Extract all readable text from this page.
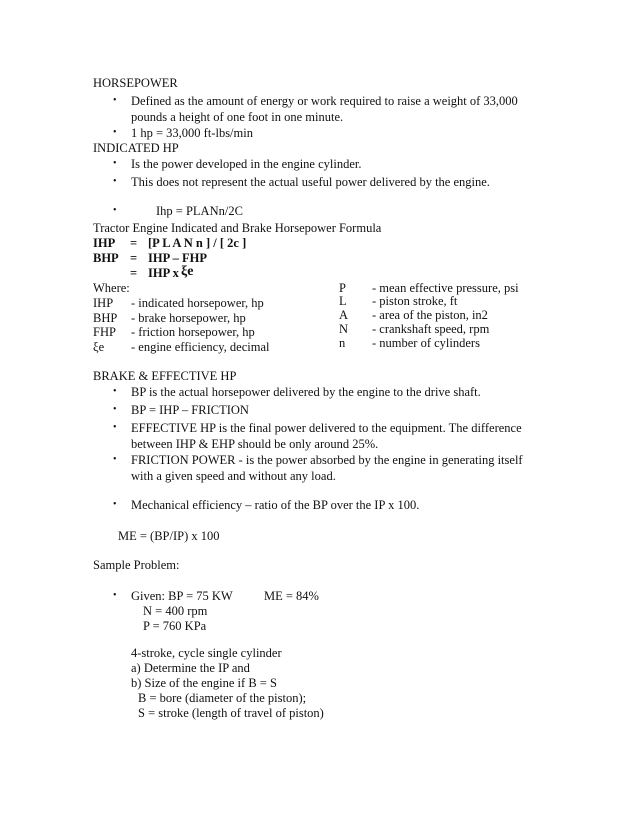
HORSEPOWER
• Defined as the amount of energy or work required to raise a weight of 33,000
pounds a height of one foot in one minute.
• 1 hp = 33,000 ft-lbs/min
INDICATED HP
• Is the power developed in the engine cylinder.
• This does not represent the actual useful power delivered by the engine.
•	Ihp = PLANn/2C
Tractor Engine Indicated and Brake Horsepower Formula
IHP = [P L A N n ] / [ 2c ]
BHP = IHP – FHP
= IHP x ξe
Where:
IHP - indicated horsepower, hp
BHP - brake horsepower, hp
FHP - friction horsepower, hp
ξe - engine efficiency, decimal
P - mean effective pressure, psi
L - piston stroke, ft
A - area of the piston, in2
N - crankshaft speed, rpm
n - number of cylinders
BRAKE & EFFECTIVE HP
• BP is the actual horsepower delivered by the engine to the drive shaft.
• BP = IHP – FRICTION
• EFFECTIVE HP is the final power delivered to the equipment. The difference
between IHP & EHP should be only around 25%.
• FRICTION POWER - is the power absorbed by the engine in generating itself
with a given speed and without any load.
• Mechanical efficiency – ratio of the BP over the IP x 100.
ME = (BP/IP) x 100
Sample Problem:
• Given: BP = 75 KW	ME = 84%
N = 400 rpm
P = 760 KPa
4-stroke, cycle single cylinder
a) Determine the IP and
b) Size of the engine if B = S
B = bore (diameter of the piston);
S = stroke (length of travel of piston)
